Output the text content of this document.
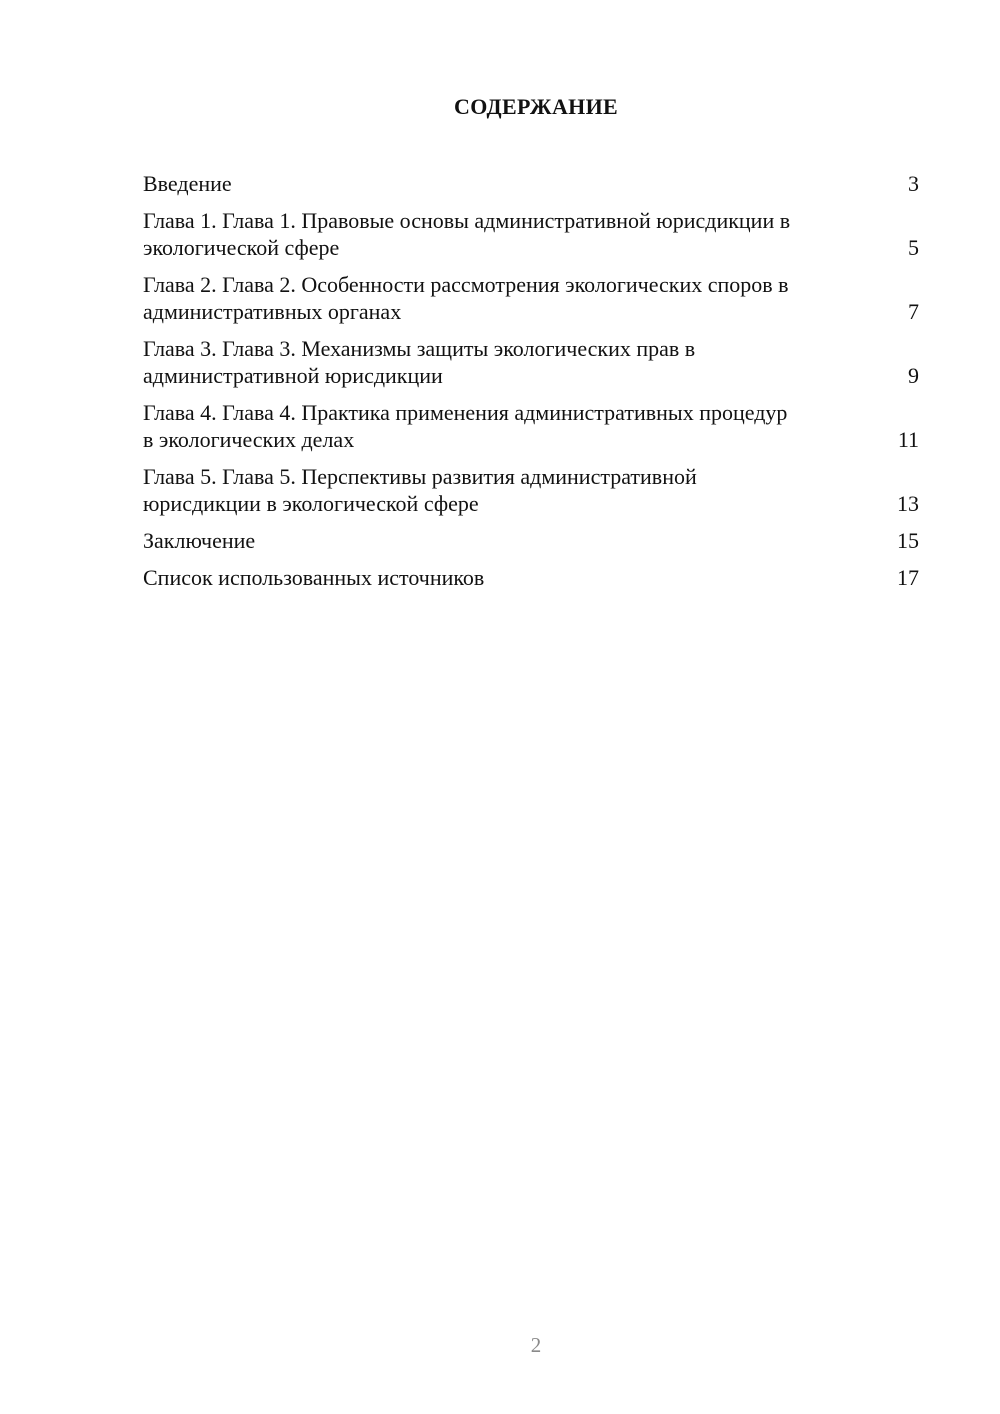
СОДЕРЖАНИЕ
Введение	3
Глава 1. Глава 1. Правовые основы административной юрисдикции в экологической сфере	5
Глава 2. Глава 2. Особенности рассмотрения экологических споров в административных органах	7
Глава 3. Глава 3. Механизмы защиты экологических прав в административной юрисдикции	9
Глава 4. Глава 4. Практика применения административных процедур в экологических делах	11
Глава 5. Глава 5. Перспективы развития административной юрисдикции в экологической сфере	13
Заключение	15
Список использованных источников	17
2
